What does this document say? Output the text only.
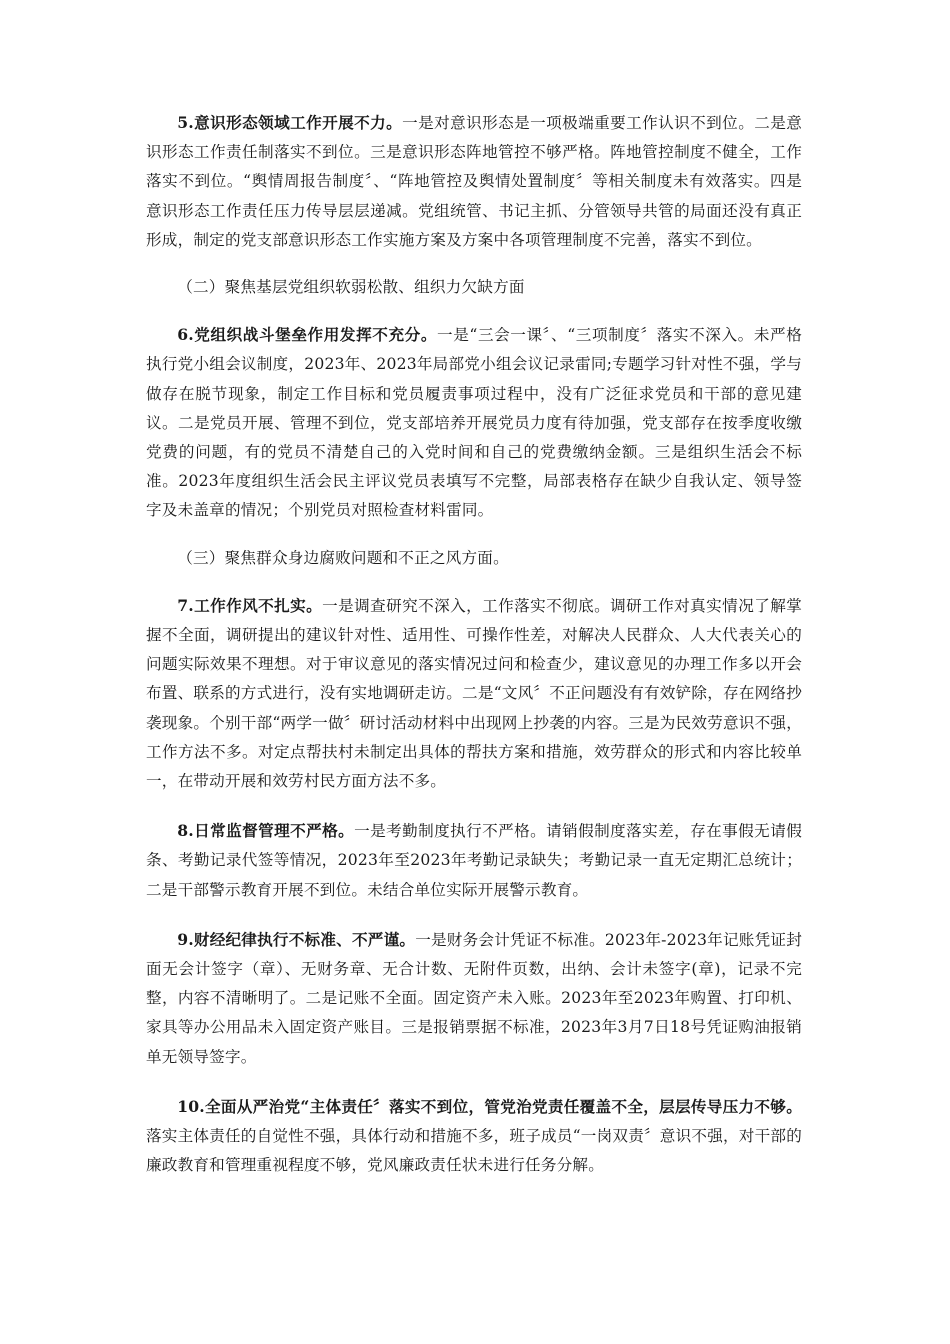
5.意识形态领域工作开展不力。一是对意识形态是一项极端重要工作认识不到位。二是意识形态工作责任制落实不到位。三是意识形态阵地管控不够严格。阵地管控制度不健全，工作落实不到位。“舆情周报告制度〞、“阵地管控及舆情处置制度〞等相关制度未有效落实。四是意识形态工作责任压力传导层层递减。党组统管、书记主抓、分管领导共管的局面还没有真正形成，制定的党支部意识形态工作实施方案及方案中各项管理制度不完善，落实不到位。

（二）聚焦基层党组织软弱松散、组织力欠缺方面

6.党组织战斗堡垒作用发挥不充分。一是“三会一课〞、“三项制度〞落实不深入。未严格执行党小组会议制度，2023年、2023年局部党小组会议记录雷同;专题学习针对性不强，学与做存在脱节现象，制定工作目标和党员履责事项过程中，没有广泛征求党员和干部的意见建议。二是党员开展、管理不到位，党支部培养开展党员力度有待加强，党支部存在按季度收缴党费的问题，有的党员不清楚自己的入党时间和自己的党费缴纳金额。三是组织生活会不标准。2023年度组织生活会民主评议党员表填写不完整，局部表格存在缺少自我认定、领导签字及未盖章的情况；个别党员对照检查材料雷同。

（三）聚焦群众身边腐败问题和不正之风方面。

7.工作作风不扎实。一是调查研究不深入，工作落实不彻底。调研工作对真实情况了解掌握不全面，调研提出的建议针对性、适用性、可操作性差，对解决人民群众、人大代表关心的问题实际效果不理想。对于审议意见的落实情况过问和检查少，建议意见的办理工作多以开会布置、联系的方式进行，没有实地调研走访。二是“文风〞不正问题没有有效铲除，存在网络抄袭现象。个别干部“两学一做〞研讨活动材料中出现网上抄袭的内容。三是为民效劳意识不强，工作方法不多。对定点帮扶村未制定出具体的帮扶方案和措施，效劳群众的形式和内容比较单一，在带动开展和效劳村民方面方法不多。

8.日常监督管理不严格。一是考勤制度执行不严格。请销假制度落实差，存在事假无请假条、考勤记录代签等情况，2023年至2023年考勤记录缺失；考勤记录一直无定期汇总统计；二是干部警示教育开展不到位。未结合单位实际开展警示教育。

9.财经纪律执行不标准、不严谨。一是财务会计凭证不标准。2023年-2023年记账凭证封面无会计签字（章）、无财务章、无合计数、无附件页数，出纳、会计未签字(章)，记录不完整，内容不清晰明了。二是记账不全面。固定资产未入账。2023年至2023年购置、打印机、家具等办公用品未入固定资产账目。三是报销票据不标准，2023年3月7日18号凭证购油报销单无领导签字。

10.全面从严治党“主体责任〞落实不到位，管党治党责任覆盖不全，层层传导压力不够。落实主体责任的自觉性不强，具体行动和措施不多，班子成员“一岗双责〞意识不强，对干部的廉政教育和管理重视程度不够，党风廉政责任状未进行任务分解。
